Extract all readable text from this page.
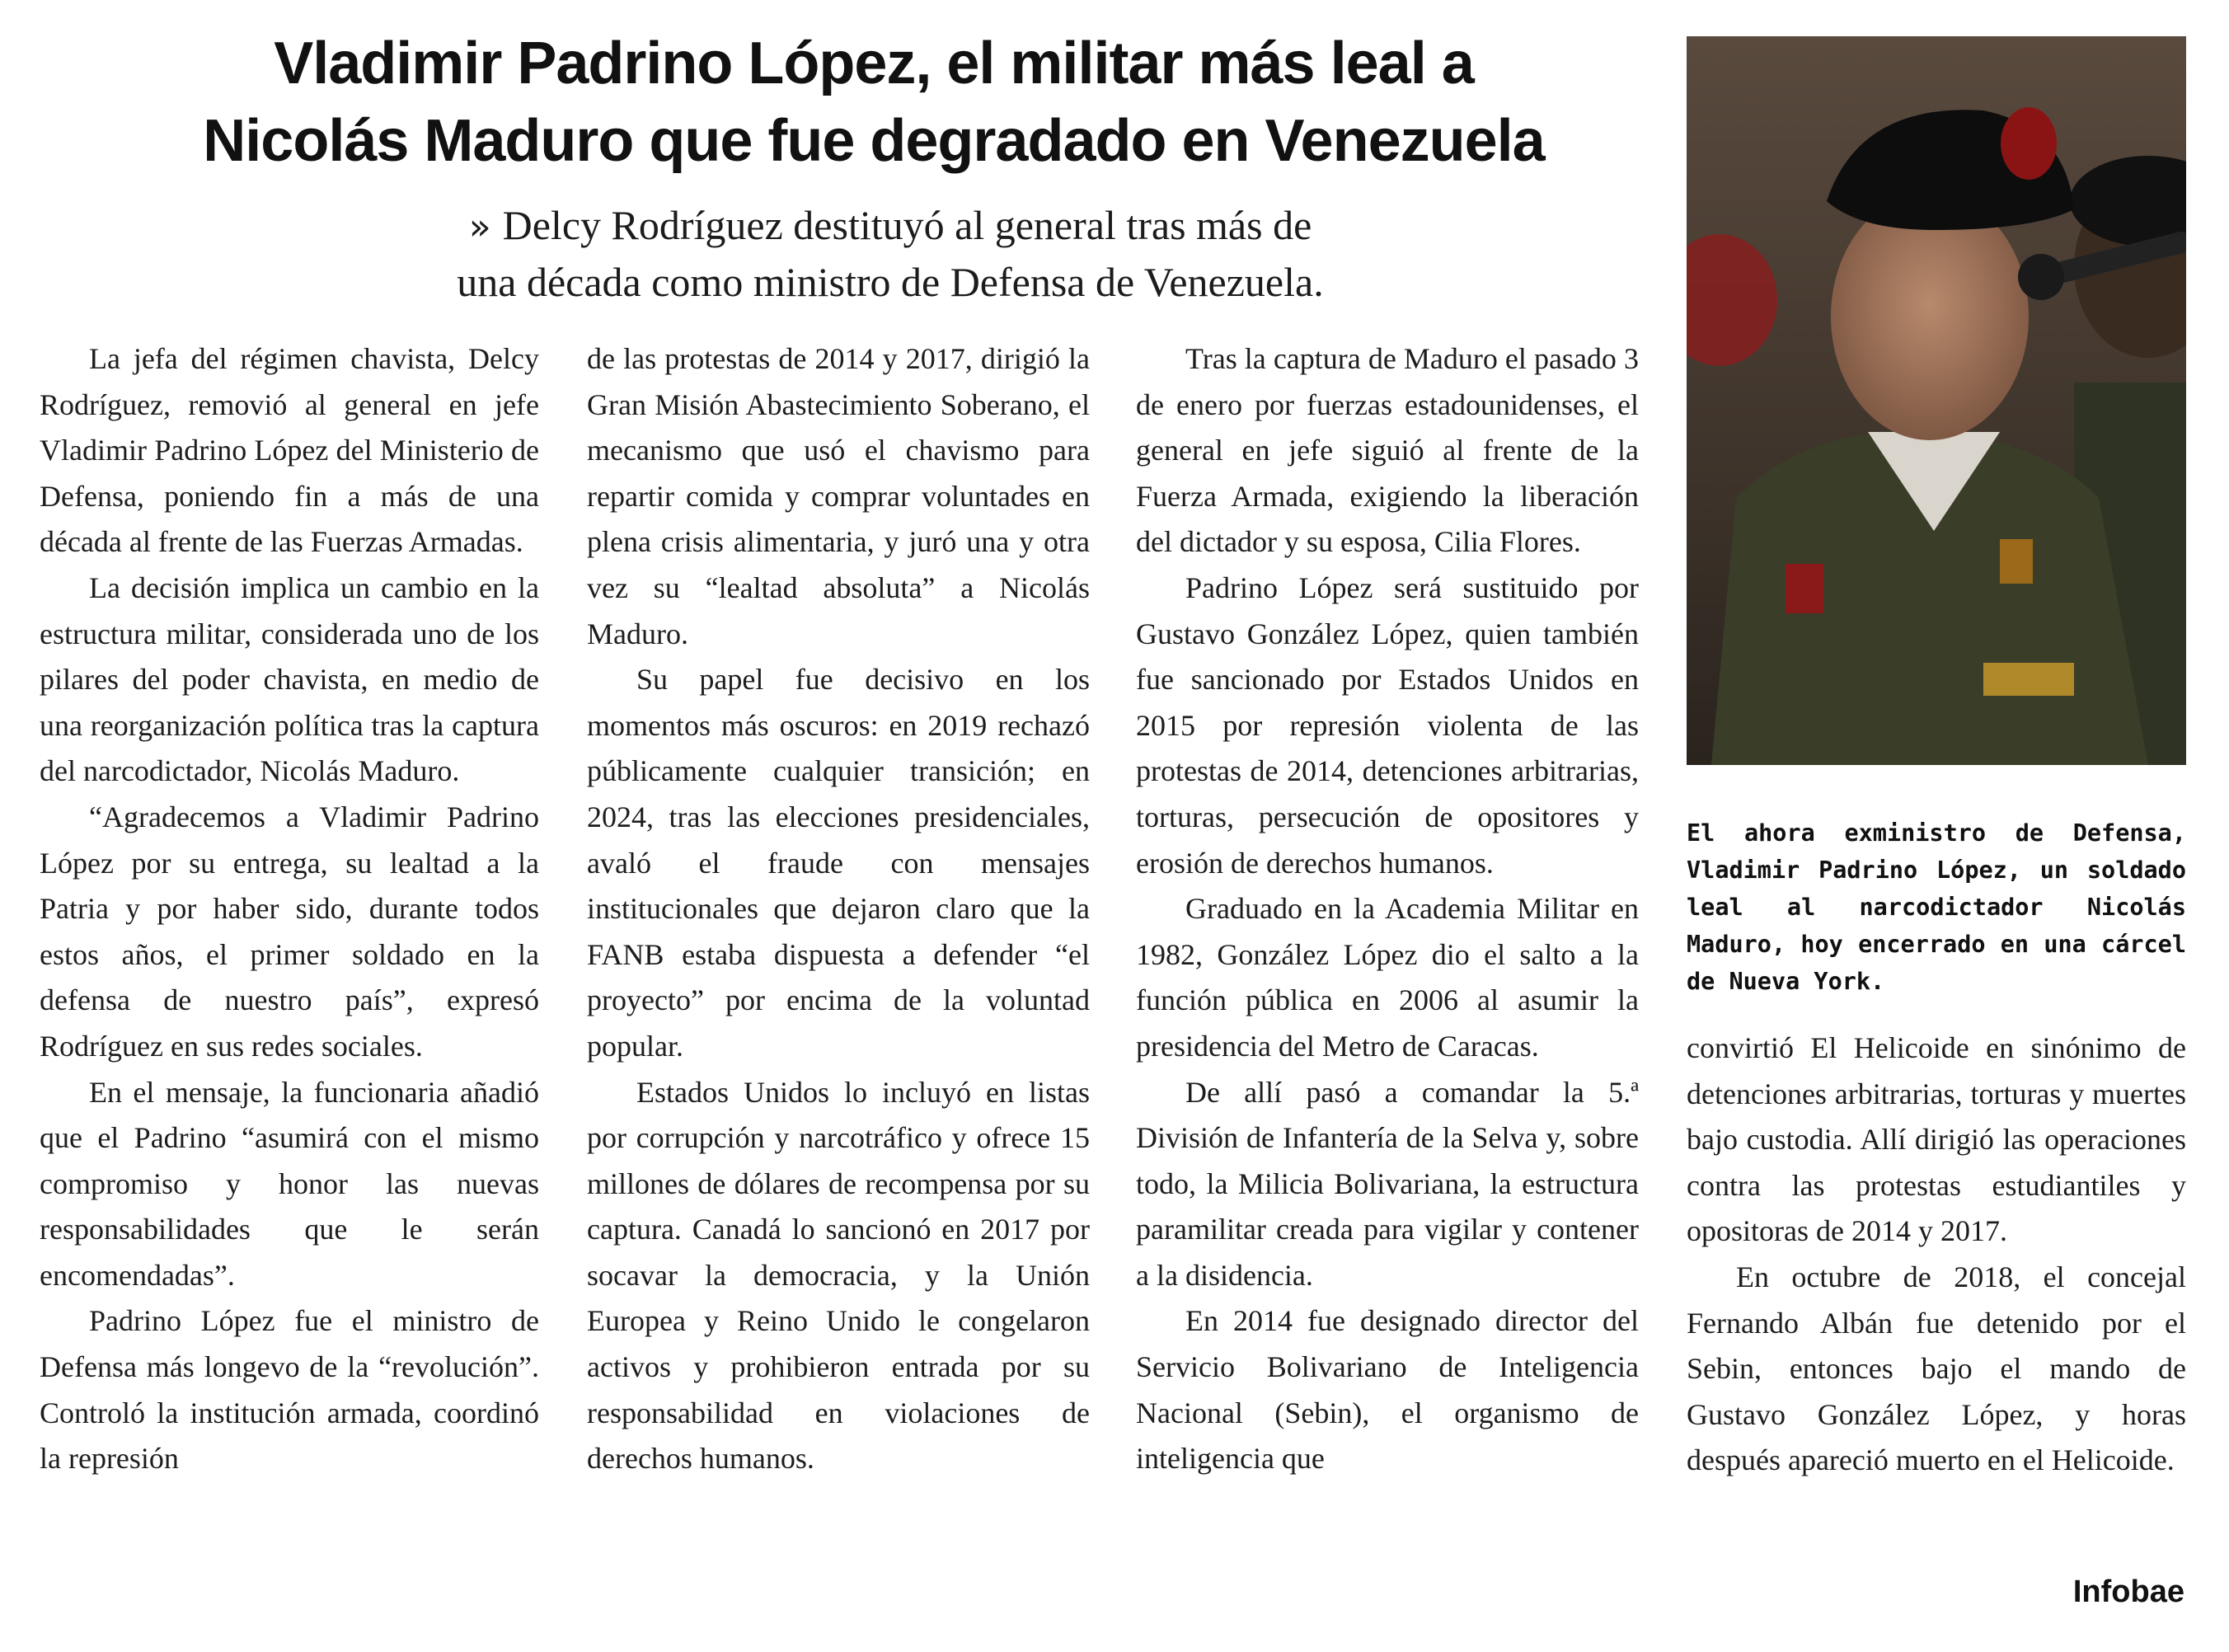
Vladimir Padrino López, el militar más leal a
Nicolás Maduro que fue degradado en Venezuela
» Delcy Rodríguez destituyó al general tras más de
una década como ministro de Defensa de Venezuela.

La jefa del régimen chavista, Delcy Rodríguez, removió al general en jefe Vladimir Padrino López del Ministerio de Defensa, poniendo fin a más de una década al frente de las Fuerzas Armadas.

La decisión implica un cambio en la estructura militar, considerada uno de los pilares del poder chavista, en medio de una reorganización política tras la captura del narcodictador, Nicolás Maduro.

“Agradecemos a Vladimir Padrino López por su entrega, su lealtad a la Patria y por haber sido, durante todos estos años, el primer soldado en la defensa de nuestro país”, expresó Rodríguez en sus redes sociales.

En el mensaje, la funcionaria añadió que el Padrino “asumirá con el mismo compromiso y honor las nuevas responsabilidades que le serán encomendadas”.

Padrino López fue el ministro de Defensa más longevo de la “revolución”. Controló la institución armada, coordinó la represión

de las protestas de 2014 y 2017, dirigió la Gran Misión Abastecimiento Soberano, el mecanismo que usó el chavismo para repartir comida y comprar voluntades en plena crisis alimentaria, y juró una y otra vez su “lealtad absoluta” a Nicolás Maduro.

Su papel fue decisivo en los momentos más oscuros: en 2019 rechazó públicamente cualquier transición; en 2024, tras las elecciones presidenciales, avaló el fraude con mensajes institucionales que dejaron claro que la FANB estaba dispuesta a defender “el proyecto” por encima de la voluntad popular.

Estados Unidos lo incluyó en listas por corrupción y narcotráfico y ofrece 15 millones de dólares de recompensa por su captura. Canadá lo sancionó en 2017 por socavar la democracia, y la Unión Europea y Reino Unido le congelaron activos y prohibieron entrada por su responsabilidad en violaciones de derechos humanos.

Tras la captura de Maduro el pasado 3 de enero por fuerzas estadounidenses, el general en jefe siguió al frente de la Fuerza Armada, exigiendo la liberación del dictador y su esposa, Cilia Flores.

Padrino López será sustituido por Gustavo González López, quien también fue sancionado por Estados Unidos en 2015 por represión violenta de las protestas de 2014, detenciones arbitrarias, torturas, persecución de opositores y erosión de derechos humanos.

Graduado en la Academia Militar en 1982, González López dio el salto a la función pública en 2006 al asumir la presidencia del Metro de Caracas.

De allí pasó a comandar la 5.ª División de Infantería de la Selva y, sobre todo, la Milicia Bolivariana, la estructura paramilitar creada para vigilar y contener a la disidencia.

En 2014 fue designado director del Servicio Bolivariano de Inteligencia Nacional (Sebin), el organismo de inteligencia que

El ahora exministro de Defensa, Vladimir Padrino López, un soldado leal al narcodictador Nicolás Maduro, hoy encerrado en una cárcel de Nueva York.

convirtió El Helicoide en sinónimo de detenciones arbitrarias, torturas y muertes bajo custodia. Allí dirigió las operaciones contra las protestas estudiantiles y opositoras de 2014 y 2017.

En octubre de 2018, el concejal Fernando Albán fue detenido por el Sebin, entonces bajo el mando de Gustavo González López, y horas después apareció muerto en el Helicoide.

Infobae
